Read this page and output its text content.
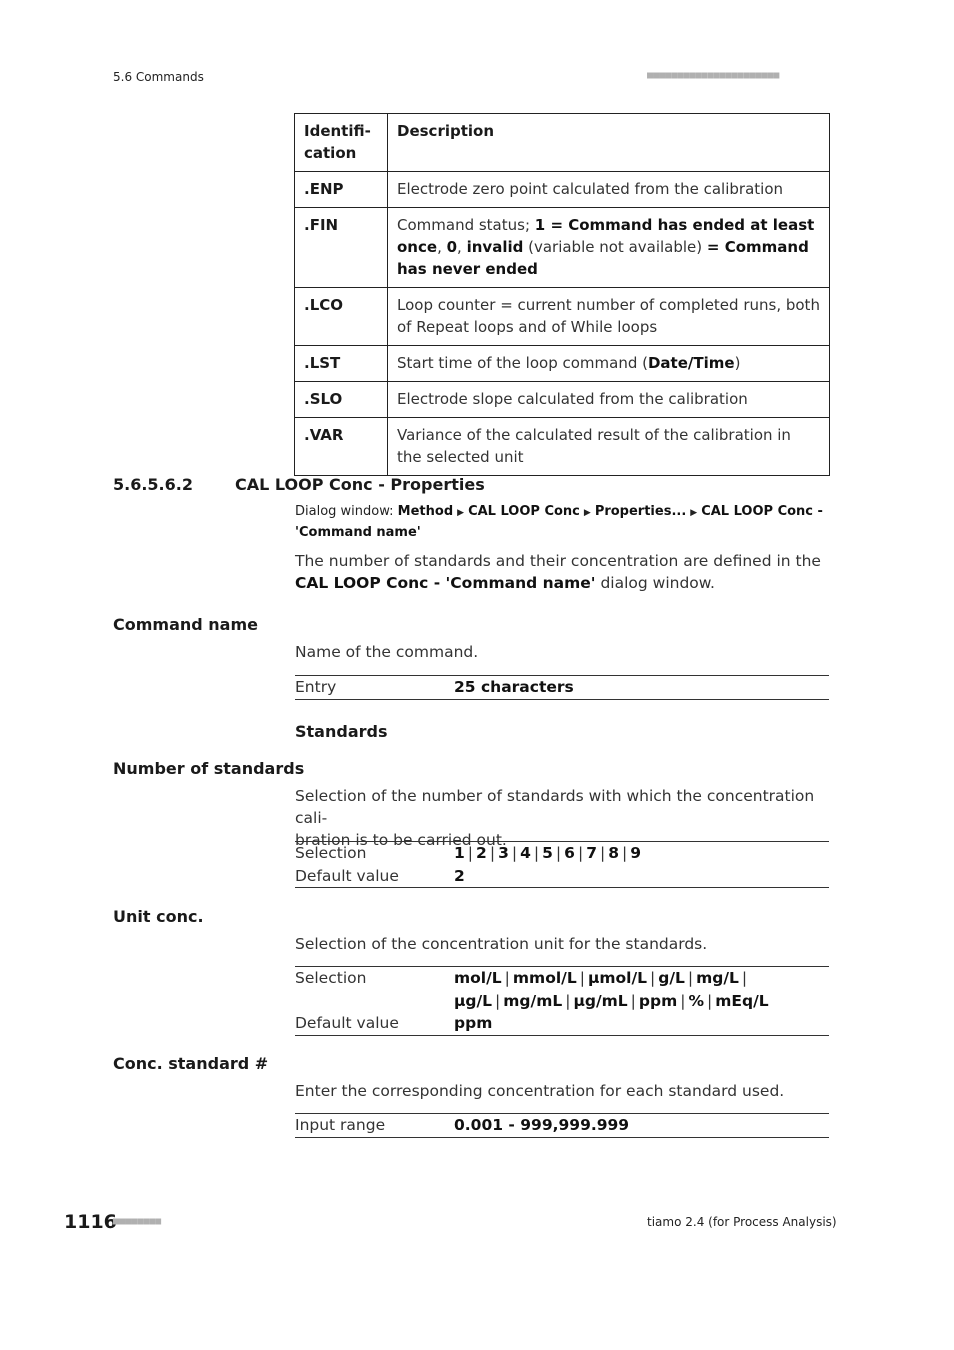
5.6 Commands	■■■■■■■■■■■■■■■■■■■■■■
Identifi-
cation	Description
.ENP	Electrode zero point calculated from the calibration
.FIN	Command status; 1 = Command has ended at least once, 0, invalid (variable not available) = Command has never ended
.LCO	Loop counter = current number of completed runs, both of Repeat loops and of While loops
.LST	Start time of the loop command (Date/Time)
.SLO	Electrode slope calculated from the calibration
.VAR	Variance of the calculated result of the calibration in the selected unit
5.6.5.6.2	CAL LOOP Conc - Properties
Dialog window: Method ▶ CAL LOOP Conc ▶ Properties... ▶ CAL LOOP Conc - 'Command name'
The number of standards and their concentration are defined in the CAL LOOP Conc - 'Command name' dialog window.
Command name
Name of the command.
Entry	25 characters
Standards
Number of standards
Selection of the number of standards with which the concentration cali-
bration is to be carried out.
Selection	1 | 2 | 3 | 4 | 5 | 6 | 7 | 8 | 9
Default value	2
Unit conc.
Selection of the concentration unit for the standards.
Selection	mol/L | mmol/L | µmol/L | g/L | mg/L |µg/L | mg/mL | µg/mL | ppm | % | mEq/L
Default value	ppm
Conc. standard #
Enter the corresponding concentration for each standard used.
Input range	0.001 - 999,999.999
1116
■■■■■■■■	tiamo 2.4 (for Process Analysis)
